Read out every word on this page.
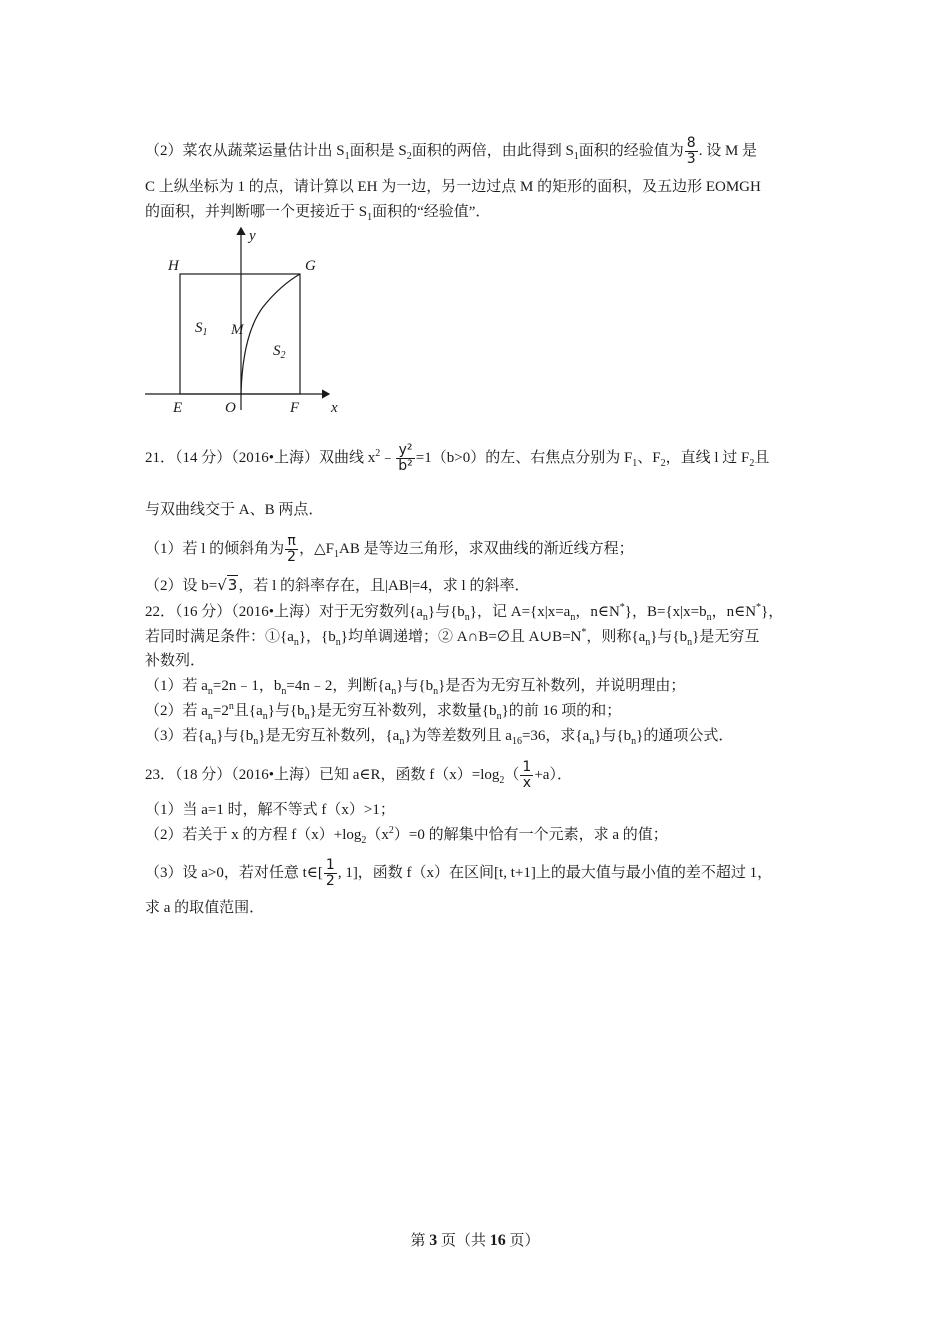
（2）菜农从蔬菜运量估计出 $S_1$面积是 $S_2$面积的两倍，由此得到 $S_1$面积的经验值为 $\frac{8}{3}$ . 设 M 是
C 上纵坐标为 1 的点，请计算以 EH 为一边，另一边过点 M 的矩形的面积，及五边形 EOMGH
的面积，并判断哪一个更接近于 $S_1$面积的“经验值”．
y
x
H	G
E	O	F
M
$S_1$
$S_2$
21．（14 分）（2016•上海）双曲线 $x^2﹣ \frac{\text{y²}}{\text{b²}} =1(b>0)$的左、右焦点分别为 $F_1$、$F_2$，直线 l 过 $F_2$且
与双曲线交于 A、B 两点．
（1）若 l 的倾斜角为 $\frac{\pi}{2}$ ，$\triangle F_1AB$ 是等边三角形，求双曲线的渐近线方程；
（2）设 b=√3，若 l 的斜率存在，且|AB|=4，求 l 的斜率．
22．（16 分）（2016•上海）对于无穷数列$\{a_n\}$与$\{b_n\}$，记 $A=\{x|x=a_n$，n∈N*}，$B=\{x|x=b_n$，n∈N*}，
若同时满足条件：$①\{a_n\}$，$\{b_n\}$均单调递增；② A∩B=∅且 A∪B=N*，则称$\{a_n\}$与$\{b_n\}$是无穷互
补数列．
（1）若 $a_n=2n﹣1$，$b_n=4n﹣2$，判断$\{a_n\}$与$\{b_n\}$是否为无穷互补数列，并说明理由；
（2）若 $a_n=2^n$且$\{a_n\}$与$\{b_n\}$是无穷互补数列，求数量$\{b_n\}$的前 16 项的和；
（3）若$\{a_n\}$与$\{b_n\}$是无穷互补数列，$\{a_n\}$为等差数列且 $a_{16}=36$，求$\{a_n\}$与$\{b_n\}$的通项公式．
23．（18 分）（2016•上海）已知 a∈R，函数 $f(x)=\log_2( \frac{1}{x} +a)$．
（1）当 a=1 时，解不等式 f（x）>1；
（2）若关于 x 的方程 $f(x)+\log_2(x^2)=0$ 的解集中恰有一个元素，求 a 的值；
（3）设 a>0，若对任意 t∈[ $\frac{1}{2}$ , 1]，函数 f（x）在区间[t, t+1]上的最大值与最小值的差不超过 1，
求 a 的取值范围．
第 3 页（共 16 页）
